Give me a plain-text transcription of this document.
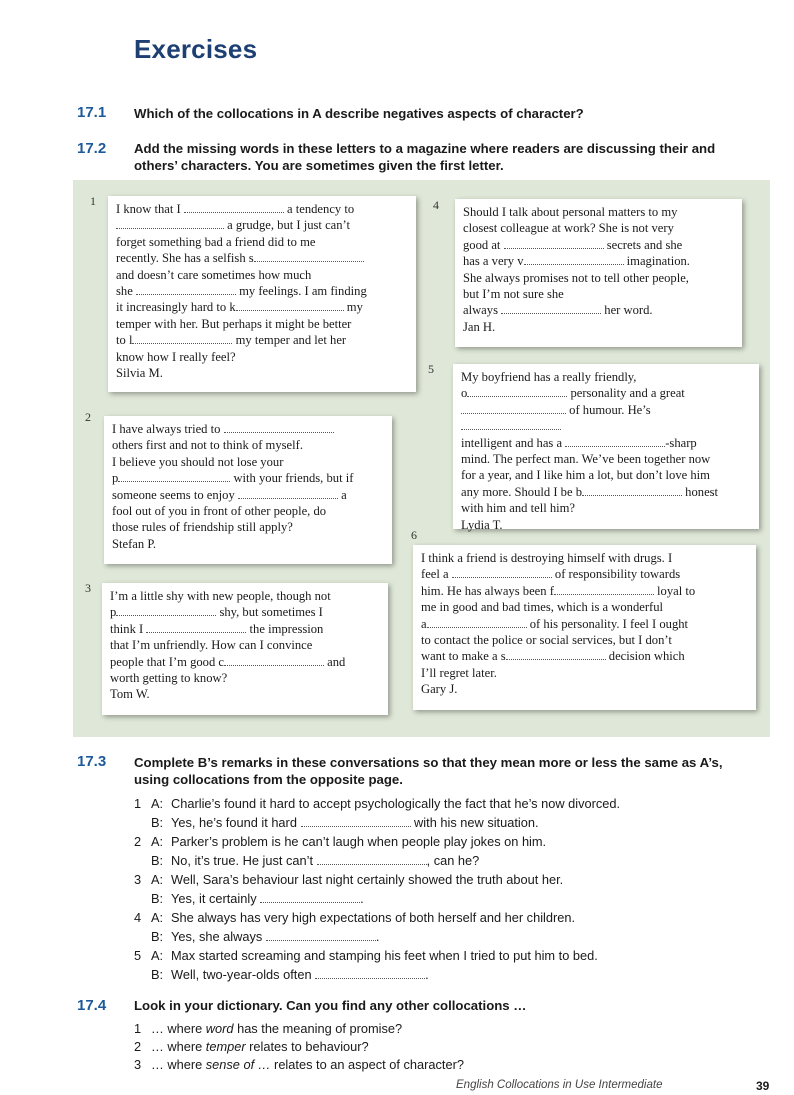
Exercises
17.1 Which of the collocations in A describe negatives aspects of character?
17.2 Add the missing words in these letters to a magazine where readers are discussing their and
others’ characters. You are sometimes given the first letter.
1
2
3
4
5
6

I know that I	a tendency to

a grudge, but I just can’t

forget something bad a friend did to me

recently. She has a selfish s

and doesn’t care sometimes how much

she	my feelings. I am finding

it increasingly hard to k	my

temper with her. But perhaps it might be better

to l	my temper and let her

know how I really feel?

Silvia M.

I have always tried to

others first and not to think of myself.

I believe you should not lose your

p	with your friends, but if

someone seems to enjoy	a

fool out of you in front of other people, do

those rules of friendship still apply?

Stefan P.

I’m a little shy with new people, though not

p	shy, but sometimes I

think I	the impression

that I’m unfriendly. How can I convince

people that I’m good c	and

worth getting to know?

Tom W.

Should I talk about personal matters to my

closest colleague at work? She is not very

good at	secrets and she

has a very v	imagination.

She always promises not to tell other people,

but I’m not sure she

always	her word.

Jan H.

My boyfriend has a really friendly,

o	personality and a great

of humour. He’s

intelligent and has a	-sharp

mind. The perfect man. We’ve been together now

for a year, and I like him a lot, but don’t love him

any more. Should I be b	honest

with him and tell him?

Lydia T.

I think a friend is destroying himself with drugs. I

feel a	of responsibility towards

him. He has always been f	loyal to

me in good and bad times, which is a wonderful

a	of his personality. I feel I ought

to contact the police or social services, but I don’t

want to make a s	decision which

I’ll regret later.

Gary J.

17.3 Complete B’s remarks in these conversations so that they mean more or less the same as A’s,
using collocations from the opposite page.
1 A: Charlie’s found it hard to accept psychologically the fact that he’s now divorced.
B: Yes, he’s found it hard	with his new situation.
2 A: Parker’s problem is he can’t laugh when people play jokes on him.
B: No, it’s true. He just can’t	, can he?
3 A: Well, Sara’s behaviour last night certainly showed the truth about her.
B: Yes, it certainly	.
4 A: She always has very high expectations of both herself and her children.
B: Yes, she always	.
5 A: Max started screaming and stamping his feet when I tried to put him to bed.
B: Well, two-year-olds often	.
17.4 Look in your dictionary. Can you find any other collocations …
1 … where word has the meaning of promise?
2 … where temper relates to behaviour?
3 … where sense of … relates to an aspect of character?
English Collocations in Use Intermediate	39
